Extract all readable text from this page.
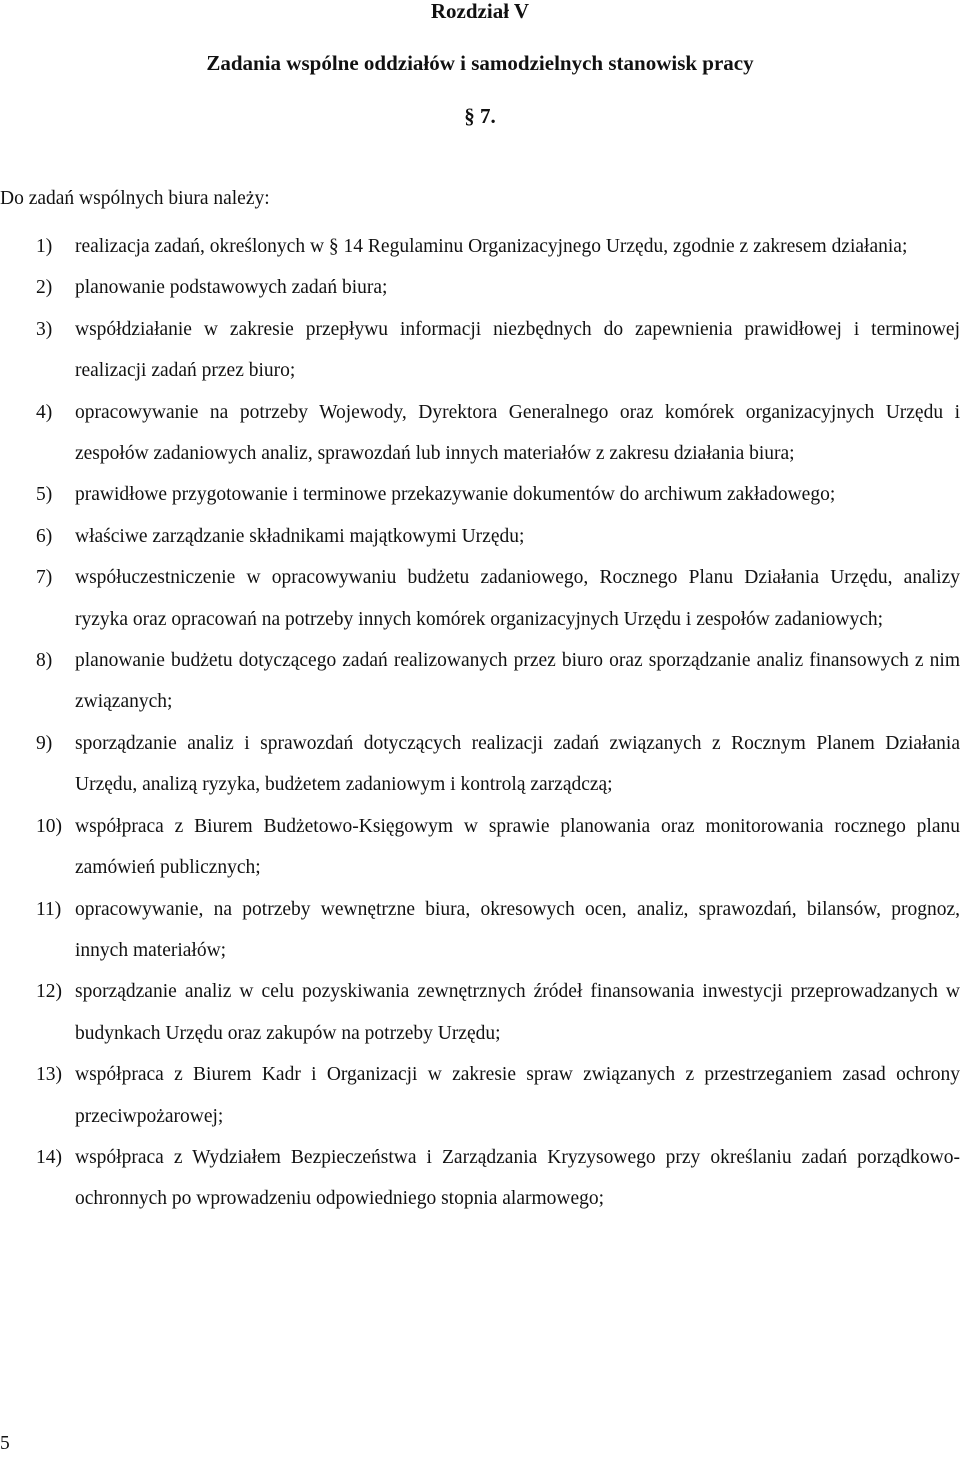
Rozdział V
Zadania wspólne oddziałów i samodzielnych stanowisk pracy
§ 7.

Do zadań wspólnych biura należy:

1)	realizacja zadań, określonych w § 14 Regulaminu Organizacyjnego Urzędu, zgodnie z zakresem działania;
2)	planowanie podstawowych zadań biura;
3)	współdziałanie w zakresie przepływu informacji niezbędnych do zapewnienia prawidłowej i terminowej realizacji zadań przez biuro;
4)	opracowywanie na potrzeby Wojewody, Dyrektora Generalnego oraz komórek organizacyjnych Urzędu i zespołów zadaniowych analiz, sprawozdań lub innych materiałów z zakresu działania biura;
5)	prawidłowe przygotowanie i terminowe przekazywanie dokumentów do archiwum zakładowego;
6)	właściwe zarządzanie składnikami majątkowymi Urzędu;
7)	współuczestniczenie w opracowywaniu budżetu zadaniowego, Rocznego Planu Działania Urzędu, analizy ryzyka oraz opracowań na potrzeby innych komórek organizacyjnych Urzędu i zespołów zadaniowych;
8)	planowanie budżetu dotyczącego zadań realizowanych przez biuro oraz sporządzanie analiz finansowych z nim związanych;
9)	sporządzanie analiz i sprawozdań dotyczących realizacji zadań związanych z Rocznym Planem Działania Urzędu, analizą ryzyka, budżetem zadaniowym i kontrolą zarządczą;
10) współpraca z Biurem Budżetowo-Księgowym w sprawie planowania oraz monitorowania rocznego planu zamówień publicznych;
11) opracowywanie, na potrzeby wewnętrzne biura, okresowych ocen, analiz, sprawozdań, bilansów, prognoz, innych materiałów;
12) sporządzanie analiz w celu pozyskiwania zewnętrznych źródeł finansowania inwestycji przeprowadzanych w budynkach Urzędu oraz zakupów na potrzeby Urzędu;
13) współpraca z Biurem Kadr i Organizacji w zakresie spraw związanych z przestrzeganiem zasad ochrony przeciwpożarowej;
14) współpraca z Wydziałem Bezpieczeństwa i Zarządzania Kryzysowego przy określaniu zadań porządkowo-ochronnych po wprowadzeniu odpowiedniego stopnia alarmowego;
5
